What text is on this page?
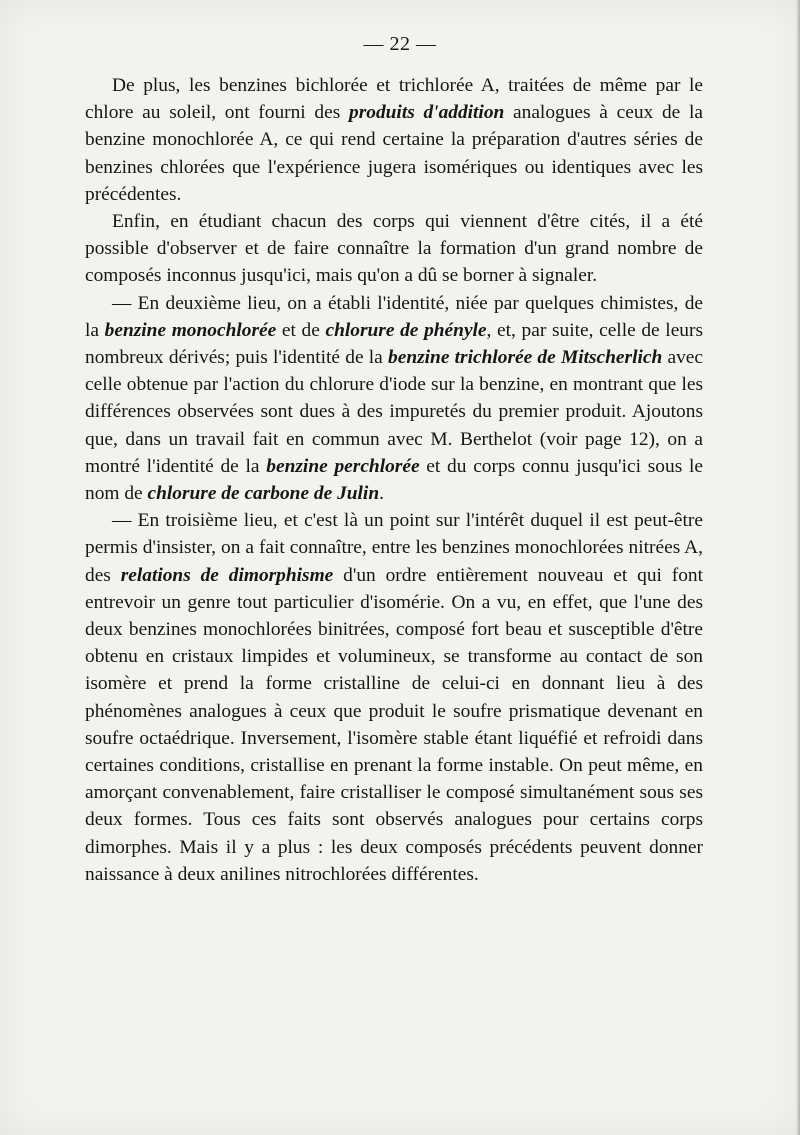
— 22 —

De plus, les benzines bichlorée et trichlorée A, traitées de même par le chlore au soleil, ont fourni des produits d'addition analogues à ceux de la benzine monochlorée A, ce qui rend certaine la préparation d'autres séries de benzines chlorées que l'expérience jugera isomériques ou identiques avec les précédentes.

Enfin, en étudiant chacun des corps qui viennent d'être cités, il a été possible d'observer et de faire connaître la formation d'un grand nombre de composés inconnus jusqu'ici, mais qu'on a dû se borner à signaler.

— En deuxième lieu, on a établi l'identité, niée par quelques chimistes, de la benzine monochlorée et de chlorure de phényle, et, par suite, celle de leurs nombreux dérivés; puis l'identité de la benzine trichlorée de Mitscherlich avec celle obtenue par l'action du chlorure d'iode sur la benzine, en montrant que les différences observées sont dues à des impuretés du premier produit. Ajoutons que, dans un travail fait en commun avec M. Berthelot (voir page 12), on a montré l'identité de la benzine perchlorée et du corps connu jusqu'ici sous le nom de chlorure de carbone de Julin.

— En troisième lieu, et c'est là un point sur l'intérêt duquel il est peut-être permis d'insister, on a fait connaître, entre les benzines monochlorées nitrées A, des relations de dimorphisme d'un ordre entièrement nouveau et qui font entrevoir un genre tout particulier d'isomérie. On a vu, en effet, que l'une des deux benzines monochlorées binitrées, composé fort beau et susceptible d'être obtenu en cristaux limpides et volumineux, se transforme au contact de son isomère et prend la forme cristalline de celui-ci en donnant lieu à des phénomènes analogues à ceux que produit le soufre prismatique devenant en soufre octaédrique. Inversement, l'isomère stable étant liquéfié et refroidi dans certaines conditions, cristallise en prenant la forme instable. On peut même, en amorçant convenablement, faire cristalliser le composé simultanément sous ses deux formes. Tous ces faits sont observés analogues pour certains corps dimorphes. Mais il y a plus : les deux composés précédents peuvent donner naissance à deux anilines nitrochlorées différentes.
